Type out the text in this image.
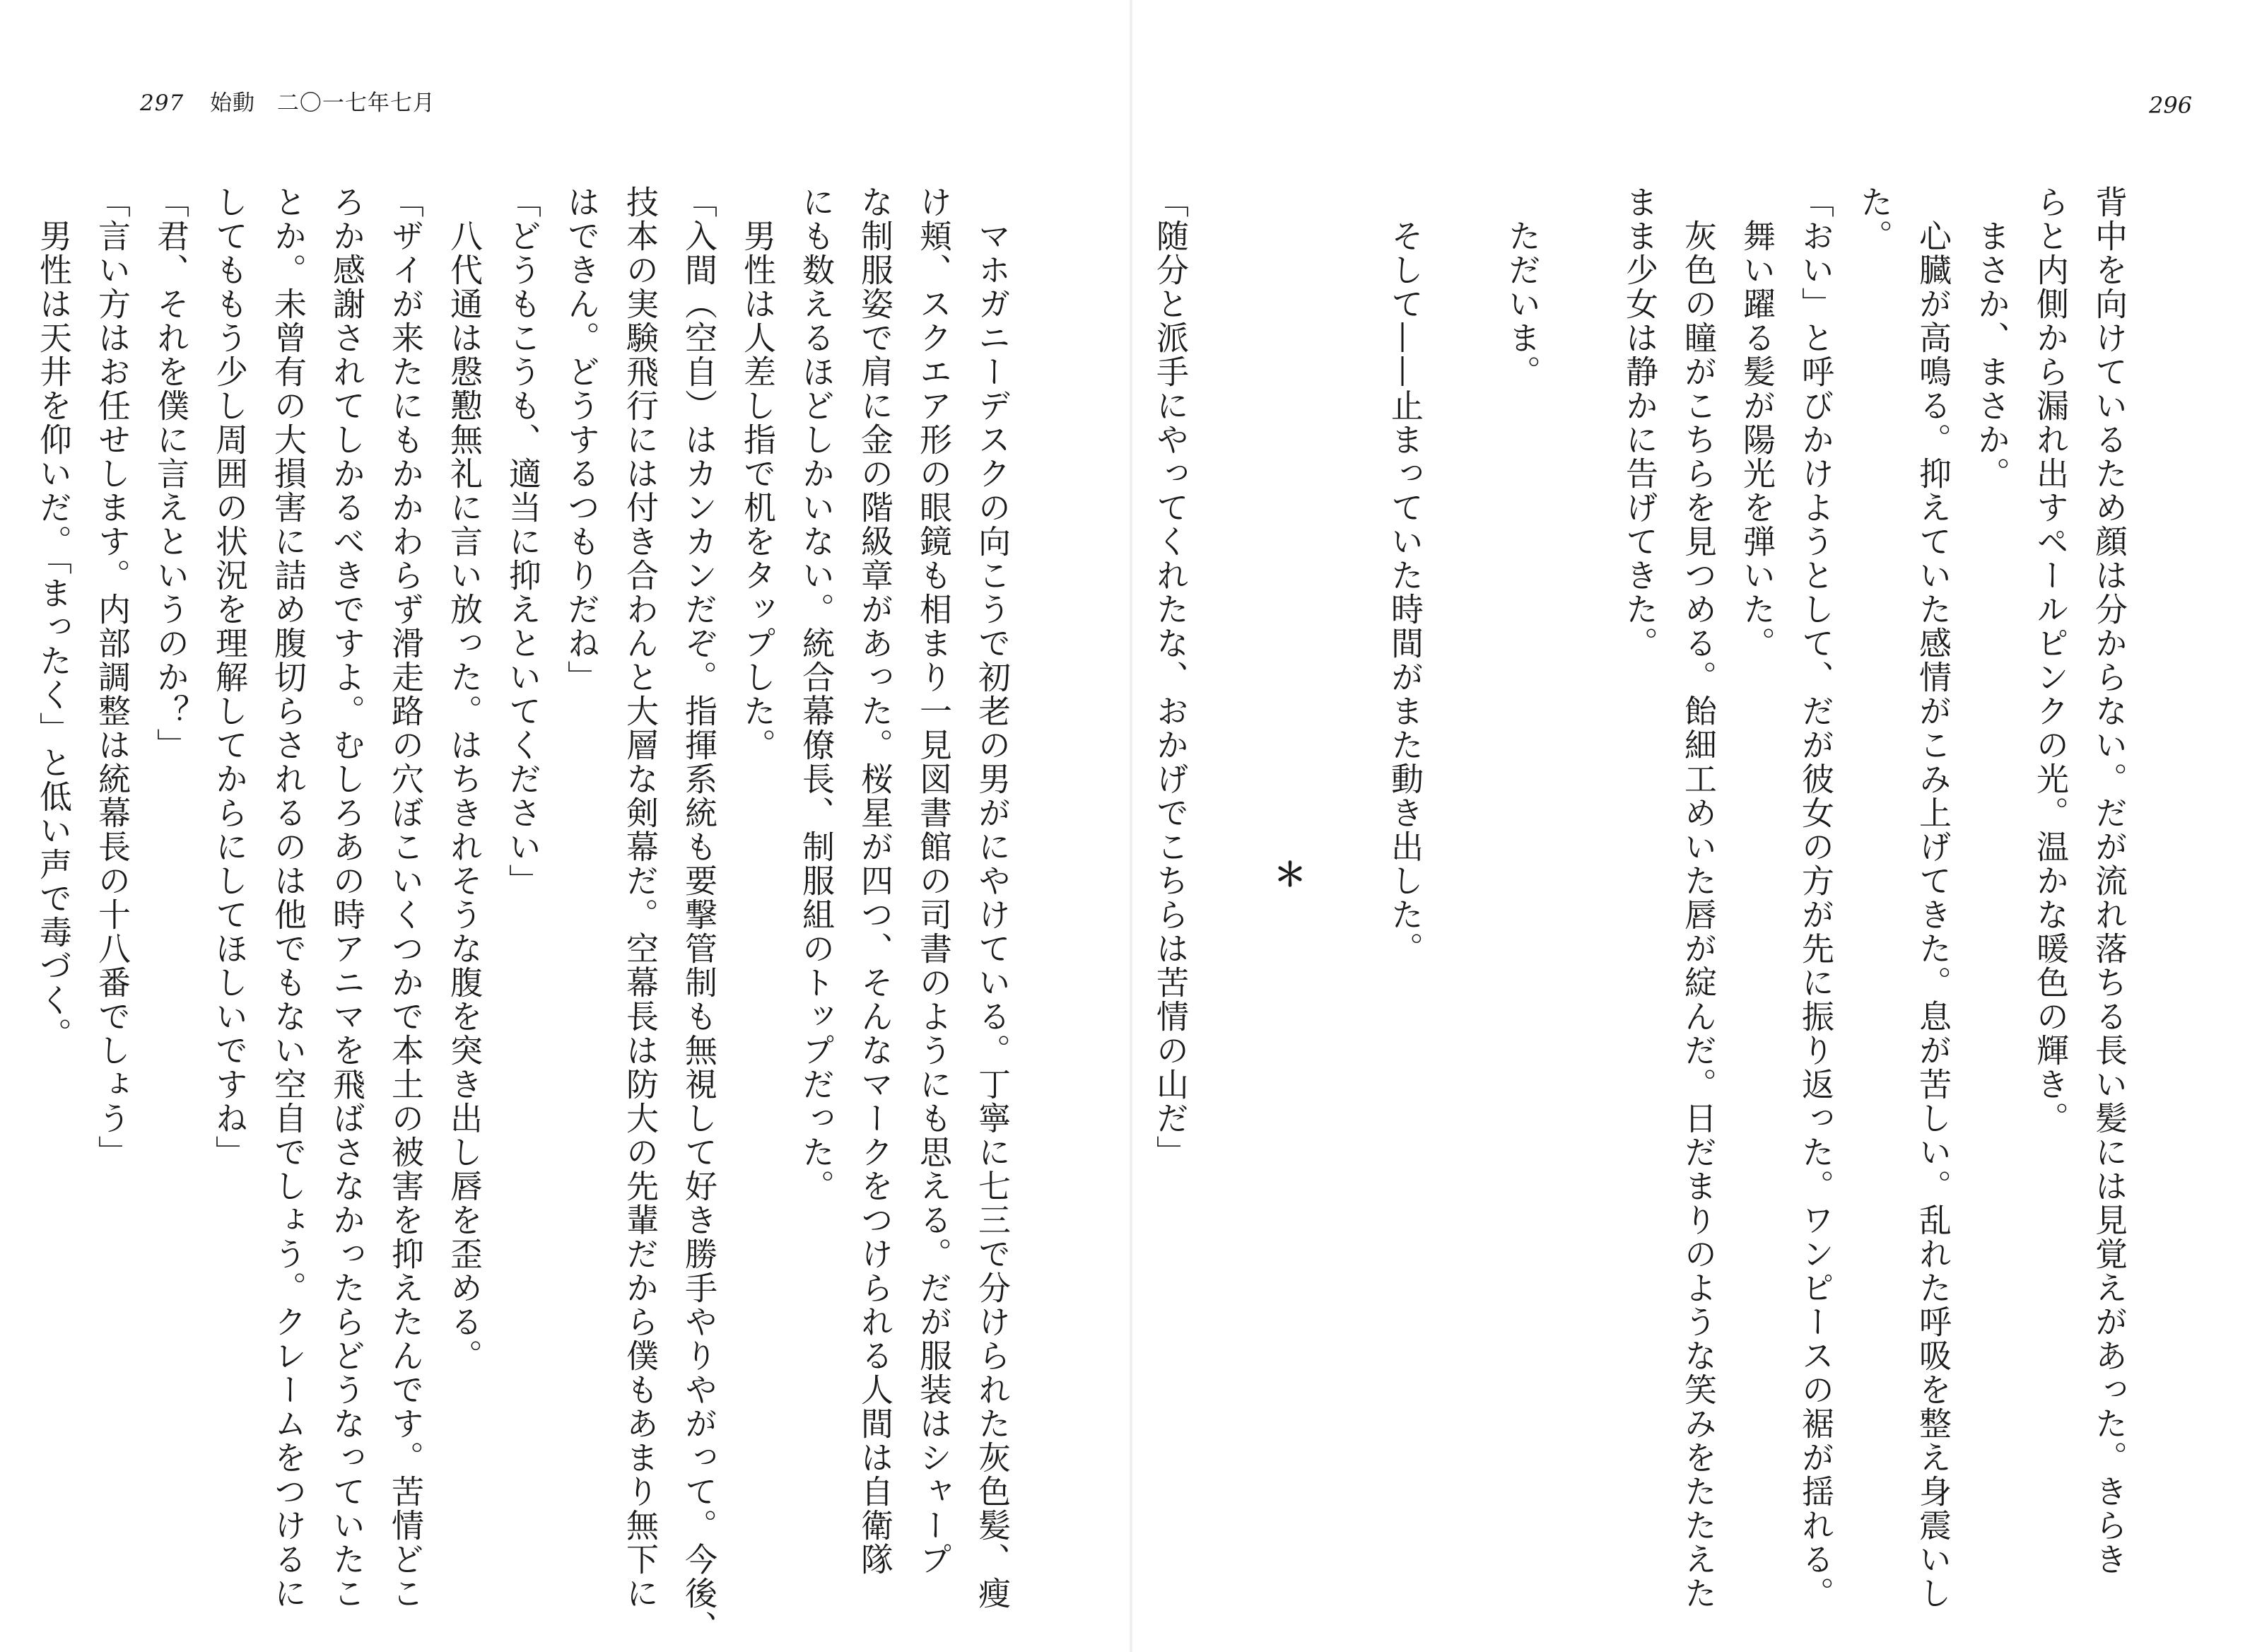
297 始動 二〇一七年七月
　マホガニーデスクの向こうで初老の男がにやけている。丁寧に七三で分けられた灰色髪、瘦
け頬、スクエア形の眼鏡も相まり一見図書館の司書のようにも思える。だが服装はシャープ
な制服姿で肩に金の階級章があった。桜星が四つ、そんなマークをつけられる人間は自衛隊
にも数えるほどしかいない。統合幕僚長、制服組のトップだった。
　男性は人差し指で机をタップした。
「入間（空自）はカンカンだぞ。指揮系統も要撃管制も無視して好き勝手やりやがって。今後、
技本の実験飛行には付き合わんと大層な剣幕だ。空幕長は防大の先輩だから僕もあまり無下に
はできん。どうするつもりだね」
「どうもこうも、適当に抑えといてください」
　八代通は慇懃無礼に言い放った。はちきれそうな腹を突き出し唇を歪める。
「ザイが来たにもかかわらず滑走路の穴ぼこいくつかで本土の被害を抑えたんです。苦情どこ
ろか感謝されてしかるべきですよ。むしろあの時アニマを飛ばさなかったらどうなっていたこ
とか。未曾有の大損害に詰め腹切らされるのは他でもない空自でしょう。クレームをつけるに
してももう少し周囲の状況を理解してからにしてほしいですね」
「君、それを僕に言えというのか？」
「言い方はお任せします。内部調整は統幕長の十八番でしょう」
　男性は天井を仰いだ。「まったく」と低い声で毒づく。
296
背中を向けているため顔は分からない。だが流れ落ちる長い髪には見覚えがあった。きらき
らと内側から漏れ出すペールピンクの光。温かな暖色の輝き。
　まさか、まさか。
　心臓が高鳴る。抑えていた感情がこみ上げてきた。息が苦しい。乱れた呼吸を整え身震いし
た。
「おい」と呼びかけようとして、だが彼女の方が先に振り返った。ワンピースの裾が揺れる。
　舞い躍る髪が陽光を弾いた。
　灰色の瞳がこちらを見つめる。飴細工めいた唇が綻んだ。日だまりのような笑みをたたえた
まま少女は静かに告げてきた。
　ただいま。
　そして——止まっていた時間がまた動き出した。
＊
「随分と派手にやってくれたな、おかげでこちらは苦情の山だ」
